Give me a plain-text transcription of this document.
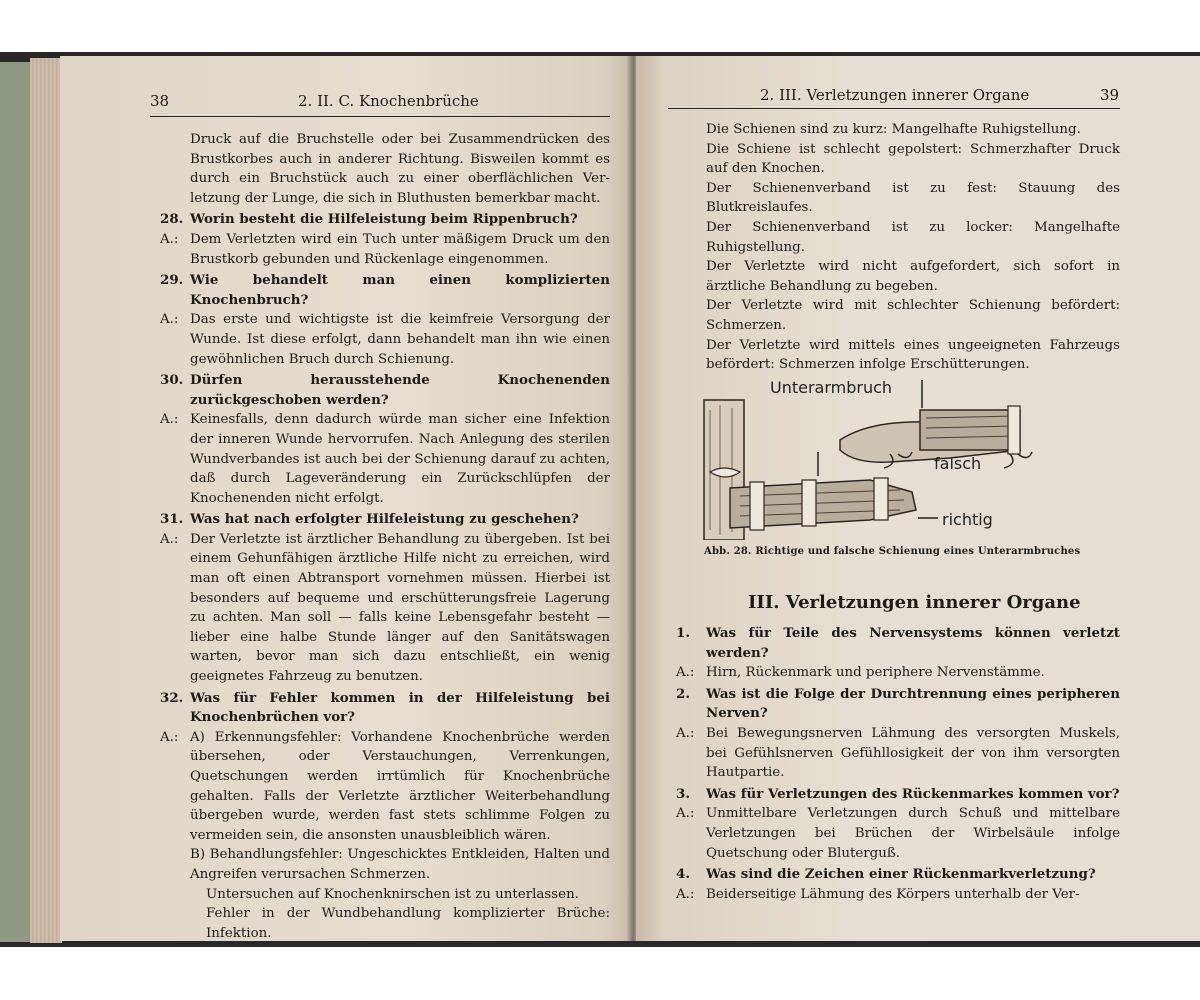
38	2. II. C. Knochenbrüche
Druck auf die Bruchstelle oder bei Zusammendrücken des Brustkorbes auch in anderer Richtung. Bisweilen kommt es durch ein Bruchstück auch zu einer oberflächlichen Ver- letzung der Lunge, die sich in Bluthusten bemerkbar macht.
28. Worin besteht die Hilfeleistung beim Rippenbruch?
A.: Dem Verletzten wird ein Tuch unter mäßigem Druck um den Brustkorb gebunden und Rückenlage eingenommen.
29. Wie behandelt man einen komplizierten Knochenbruch?
A.: Das erste und wichtigste ist die keimfreie Versorgung der Wunde. Ist diese erfolgt, dann behandelt man ihn wie einen gewöhnlichen Bruch durch Schienung.
30. Dürfen herausstehende Knochenenden zurückgeschoben werden?
A.: Keinesfalls, denn dadurch würde man sicher eine Infektion der inneren Wunde hervorrufen. Nach Anlegung des sterilen Wundverbandes ist auch bei der Schienung darauf zu achten, daß durch Lageveränderung ein Zurückschlüpfen der Knochenenden nicht erfolgt.
31. Was hat nach erfolgter Hilfeleistung zu geschehen?
A.: Der Verletzte ist ärztlicher Behandlung zu übergeben. Ist bei einem Gehunfähigen ärztliche Hilfe nicht zu erreichen, wird man oft einen Abtransport vornehmen müssen. Hierbei ist besonders auf bequeme und erschütterungsfreie Lagerung zu achten. Man soll — falls keine Lebensgefahr besteht — lieber eine halbe Stunde länger auf den Sanitätswagen warten, bevor man sich dazu entschließt, ein wenig geeignetes Fahrzeug zu benutzen.
32. Was für Fehler kommen in der Hilfeleistung bei Knochenbrüchen vor?
A.: A) Erkennungsfehler: Vorhandene Knochenbrüche werden übersehen, oder Verstauchungen, Verrenkungen, Quetschungen werden irrtümlich für Knochenbrüche gehalten. Falls der Verletzte ärztlicher Weiterbehandlung übergeben wurde, werden fast stets schlimme Folgen zu vermeiden sein, die ansonsten unausbleiblich wären.
B) Behandlungsfehler: Ungeschicktes Entkleiden, Halten und Angreifen verursachen Schmerzen.
Untersuchen auf Knochenknirschen ist zu unterlassen.
Fehler in der Wundbehandlung komplizierter Brüche: Infektion.
2. III. Verletzungen innerer Organe	39
Die Schienen sind zu kurz: Mangelhafte Ruhigstellung.
Die Schiene ist schlecht gepolstert: Schmerzhafter Druck auf den Knochen.
Der Schienenverband ist zu fest: Stauung des Blutkreislaufes.
Der Schienenverband ist zu locker: Mangelhafte Ruhigstellung.
Der Verletzte wird nicht aufgefordert, sich sofort in ärztliche Behandlung zu begeben.
Der Verletzte wird mit schlechter Schienung befördert: Schmerzen.
Der Verletzte wird mittels eines ungeeigneten Fahrzeugs befördert: Schmerzen infolge Erschütterungen.
Unterarmbruch
falsch
richtig
Abb. 28. Richtige und falsche Schienung eines Unterarmbruches
III. Verletzungen innerer Organe
1.	Was für Teile des Nervensystems können verletzt werden?
A.: Hirn, Rückenmark und periphere Nervenstämme.
2.	Was ist die Folge der Durchtrennung eines peripheren Nerven?
A.: Bei Bewegungsnerven Lähmung des versorgten Muskels, bei Gefühlsnerven Gefühllosigkeit der von ihm versorgten Hautpartie.
3.	Was für Verletzungen des Rückenmarkes kommen vor?
A.: Unmittelbare Verletzungen durch Schuß und mittelbare Verletzungen bei Brüchen der Wirbelsäule infolge Quetschung oder Bluterguß.
4.	Was sind die Zeichen einer Rückenmarkverletzung?
A.: Beiderseitige Lähmung des Körpers unterhalb der Ver-
